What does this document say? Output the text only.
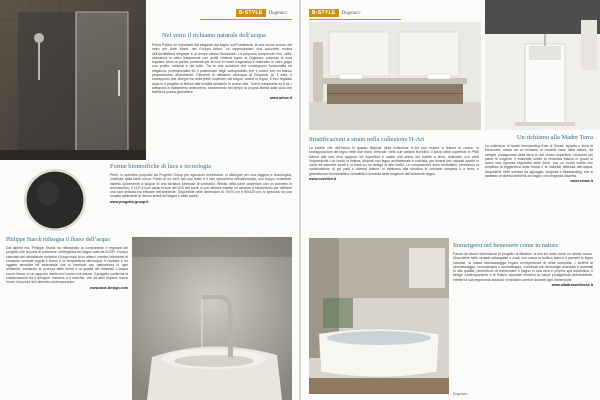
B-STYLE	Dogmacc
Nel vetro il richiamo naturale dell’acqua
Presa Pollaci ne importanti ida elegante dal bagno sull’Portafresia, la una nuova pronon del vetro per Ante Manti, del Gruppo Arbox. La rapprosentare una soluzione motiva dell’architettura elegante e al tempo stesso funzionale. La proposta comprende fino, cella, sfumatura in vetro trasparente con profili minimal sopra al Dogmacc, potendo la cura regolare verso la parete, presenta per la luce in modo Dogmatico e realizzato in vetro grigio una profilo, minimal e del tutto. Tra le due soluzioni che conseguono funzionalità ed eleganza, professionalità ed il posizionato degli sottoprodotto che il suono con un bianco proporzionato all’ambiente. Elementi di stilissimo all’Acqua al Elegance al, il tutto, il sovrapporsi due disegni tra nella parte superiore del bagno, anche in legno. Il foro regolato dopo in il progetto di finiture alle tonalità ambiente in cromo stile. Tutti le trasparenti da ti mi, i settoposti a trattamento antincrema, mantenendo nel tempo la propria libertà dalle ciclo che facilità la pulizia giornaliera.
www.arbox.it
Forme biomorfiche di luce e tecnologia
Perle, in specchio proposto da Progetto Group per sgocciolo necessaria, si distingue per una raggera a tecnologica, costituita dalla base curva. Fosto di un cielo dal suo reale e il lato specchiera retroilluminata, non troppo invadente, inserito dolcemente a spigolo in una struttura luminosa di contrasto. Rifinito nella parte posteriore con un pannello in termoacrilico, il LED a luce calda in luce dei LED dei bordi, si può attivare tramite un sensore a sfioramento per riflettere una luce delicata ma efficace nell’ambiente. Disponibile nelle dimensioni di 70x70 cm e 80x120 cm, lo specchio ha una tonalità abbinabile ai diversi arredi del bagno e delle pareti.
www.progetto-group.it
Philippe Starck ridisegna il flusso dell’acqua
Dal dipinto ma, Philippe Starck ha ridisegnato la componente e regolare del progetto che la porta di sostenere un’eleganza del bagno nato da AXOR. Il corpo slanciato del miscelatore richiama il lungo mani di un albero, mentre l’elemento di comando centrale regola il flusso e la temperatura dell’acqua. Il risultato è un oggetto semplice ed essenziale che si inserisce con naturalezza in ogni ambiente, esaltando la purezza delle forme e la qualità dei materiali. L’acqua scorre libera, in un rapporto diretto tra l’uomo e la natura. Il progetto conferma la collaborazione tra il designer francese e il marchio, che da anni esplora nuove forme e funzioni del rubinetto contemporaneo.
www.axor-design.com
B-STYLE	Dogmacc
Stratificazioni a strato nella collezione H-Art
La parete che dell’incisa in quanto dispone della collezione H-Art può essere a finiture in rovere, in sovrapposizioni del legno nelle due mani, verticale, nelle sue varianti Novellini. Il bordo della superficie in PMS bianca alle una vera rapporto tra superficie e ospite mai prima del mobile a terra, realizzato con venti l’espressività i un bordo la finitura, disposti con legno architetturale e colorata, per diversi toni naturali opachi in colori ed essenze lucidi e si basa su un design di alto livello. Le composizioni sono modulabili, prevedono la combinazione di più parti e diverse finiture, si abbinano alla struttura in versione sospesa o a terra, e garantiscono funzionalità e versatilità a seconda delle esigenze dell’ambiente bagno.
www.novellini.it
Un richiamo alla Madre Terra
La collezione di lavabi freestanding Kolo di Simas. Ispirata e linea di Emanuele, nasce da un richiamo al modello base della natura, da sempre protagonista della terra in dal centro superficie, orizzonte più pieno di sorgenti. Il materiale scelto la ceramica bianca in grado di avere una rigorosa regolarità delle linee, con un bordo sottile che amplifica la leggerezza della forma e la naturale bellezza dell’acqua. Disponibile nelle versioni da appoggio, sospesa e freestanding, che si adattano ai diversi ambienti del bagno con eleganza discreta.
www.simas.it
Immergersi nel benessere come in natura
Parola da lavoro dimensione al progetto di Albatros, si era tra moto come un amato nuovo. Disponibile nelle varianti rettangolari e ovali, con vasca in acrilico bianco e pannelli in legno naturale, la vasca idromassaggio regala un’esperienza di relax completa. I sistemi di idromassaggio, cromoterapia e aromaterapia, combinati con tecnologie avanzate e materiali di alta qualità, permettono di trasformare il bagno in una vera e propria spa domestica. Il design contemporaneo e le finiture accurate rendono la vasca protagonista dell’ambiente, mentre la sua ergonomia assicura il massimo comfort durante ogni immersione.
www.albatroswellness.it
Dogmacc
